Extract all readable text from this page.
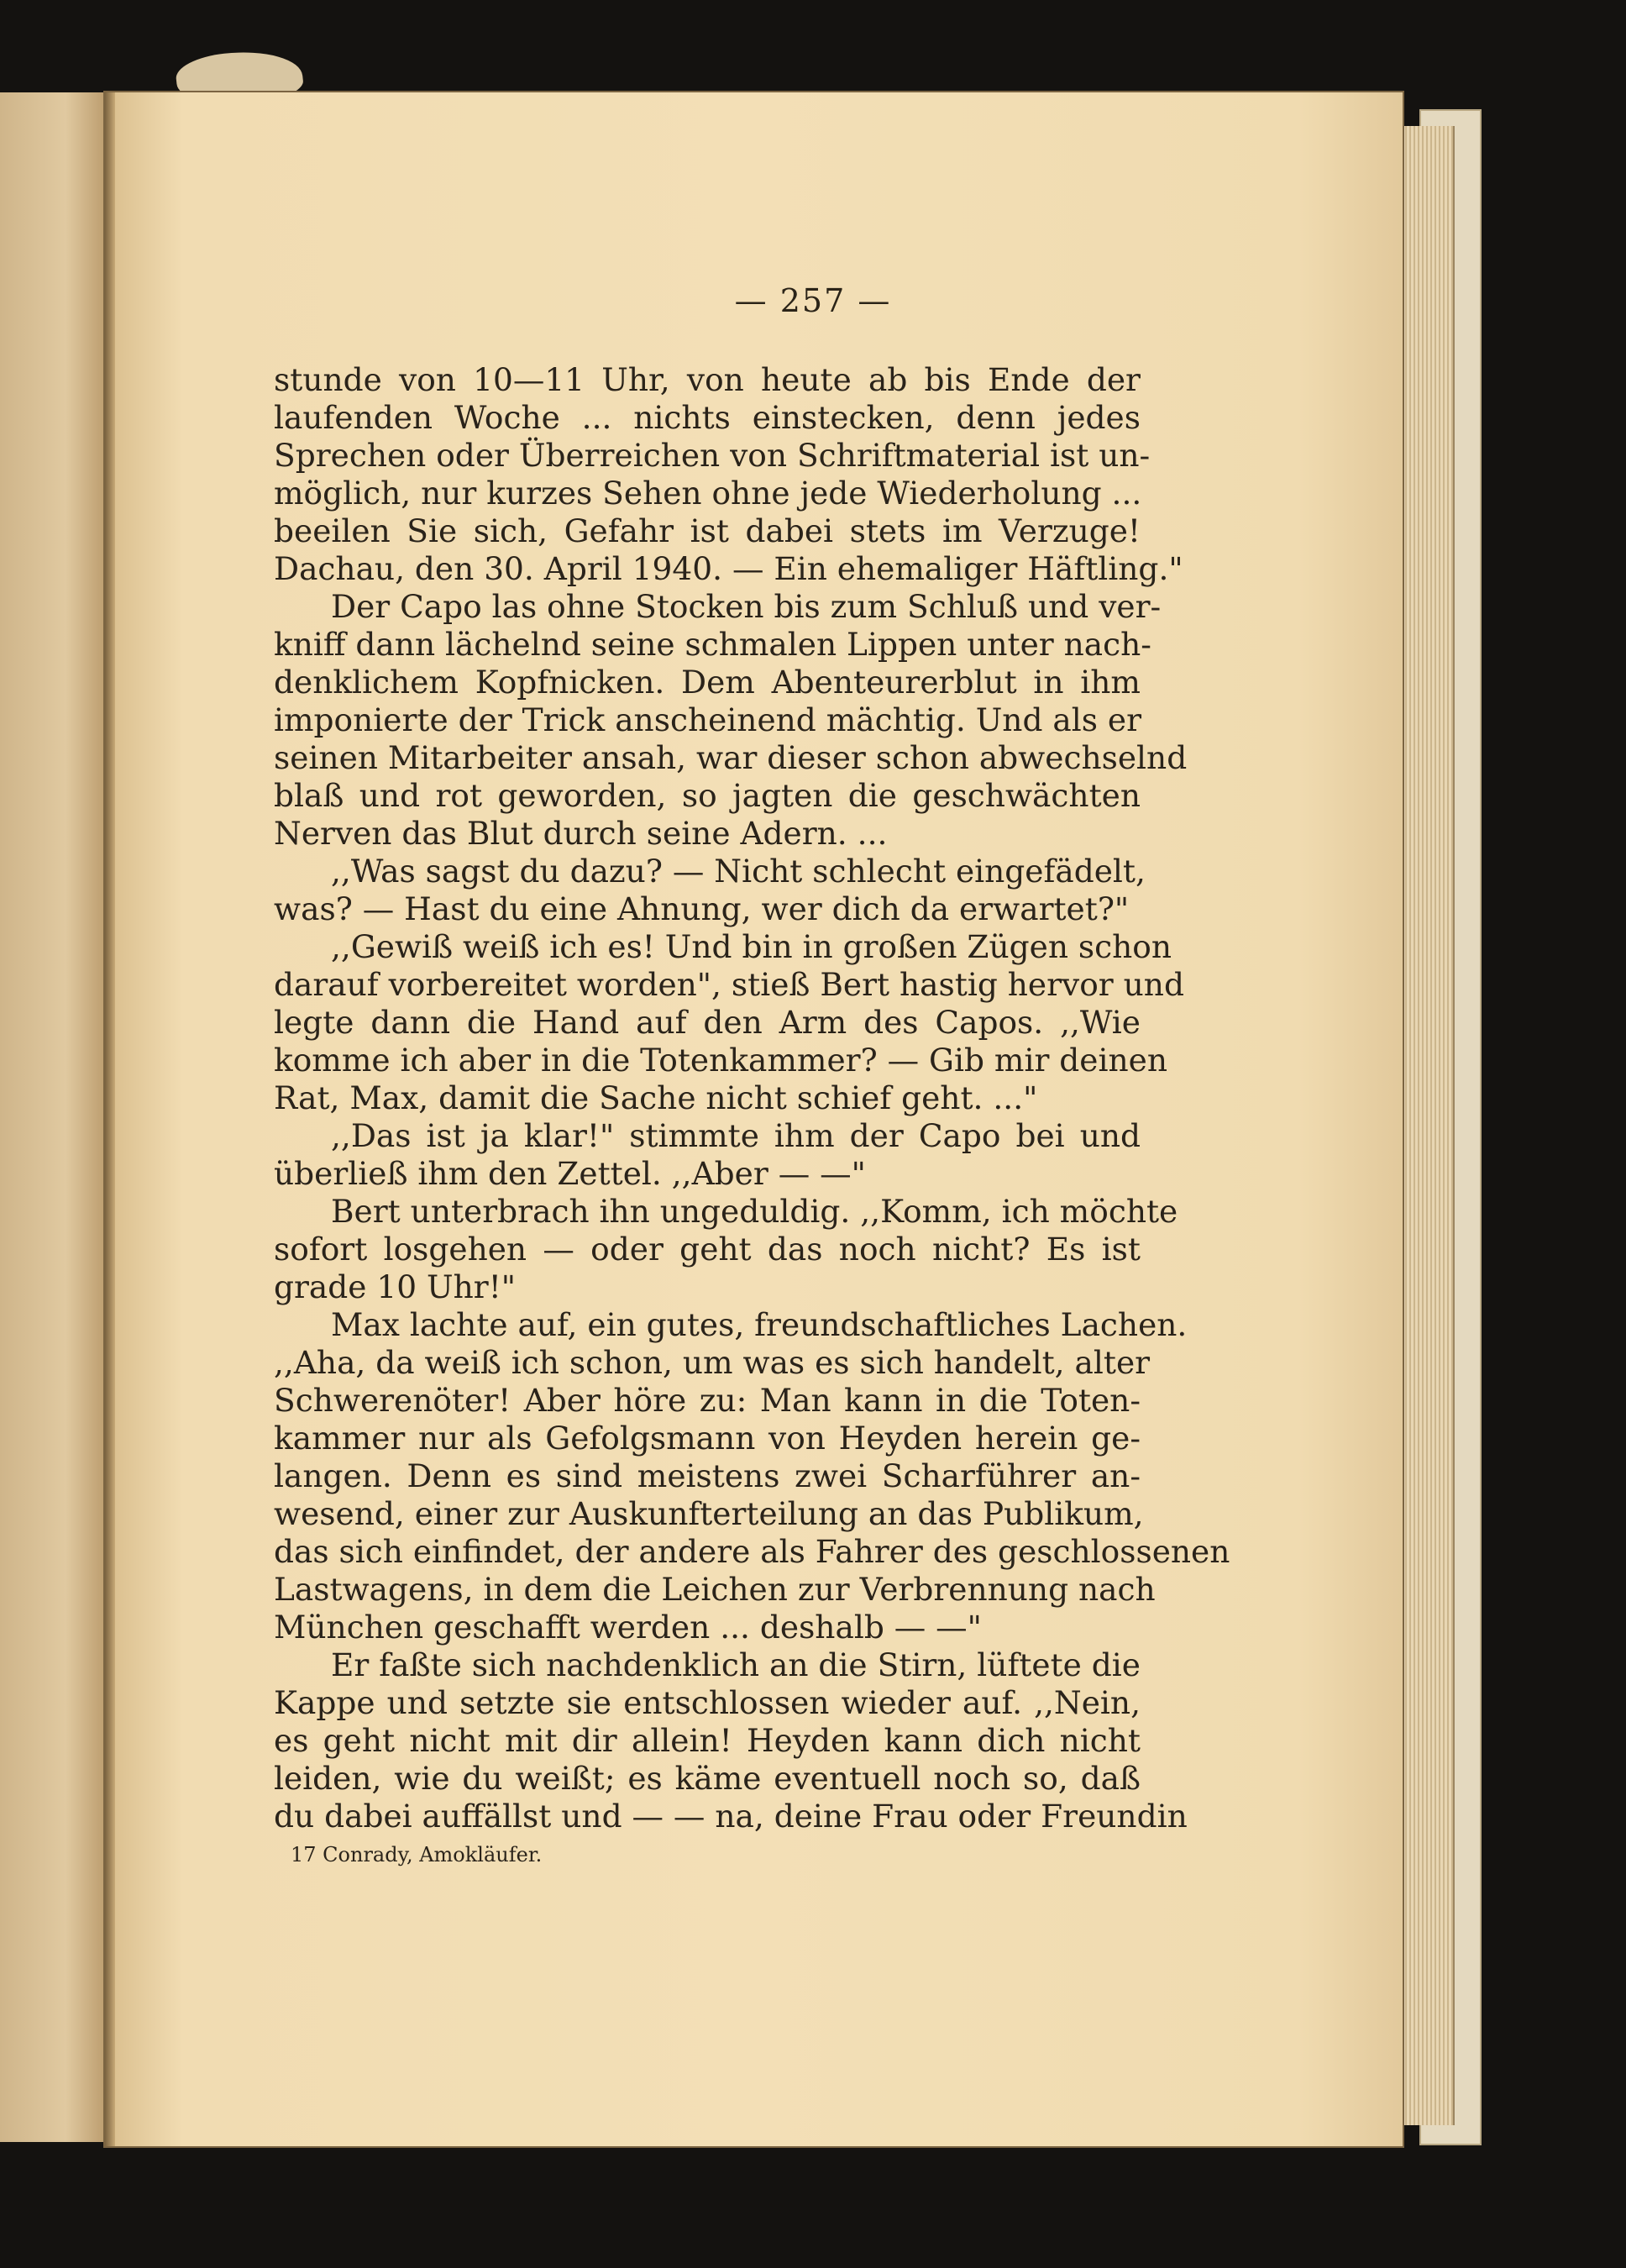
— 257 —
stunde von 10—11 Uhr, von heute ab bis Ende der
laufenden Woche ... nichts einstecken, denn jedes
Sprechen oder Überreichen von Schriftmaterial ist un-
möglich, nur kurzes Sehen ohne jede Wiederholung ...
beeilen Sie sich, Gefahr ist dabei stets im Verzuge!
Dachau, den 30. April 1940. — Ein ehemaliger Häftling."
Der Capo las ohne Stocken bis zum Schluß und ver-
kniff dann lächelnd seine schmalen Lippen unter nach-
denklichem Kopfnicken. Dem Abenteurerblut in ihm
imponierte der Trick anscheinend mächtig. Und als er
seinen Mitarbeiter ansah, war dieser schon abwechselnd
blaß und rot geworden, so jagten die geschwächten
Nerven das Blut durch seine Adern. ...
,,Was sagst du dazu? — Nicht schlecht eingefädelt,
was? — Hast du eine Ahnung, wer dich da erwartet?"
,,Gewiß weiß ich es! Und bin in großen Zügen schon
darauf vorbereitet worden", stieß Bert hastig hervor und
legte dann die Hand auf den Arm des Capos. ,,Wie
komme ich aber in die Totenkammer? — Gib mir deinen
Rat, Max, damit die Sache nicht schief geht. ..."
,,Das ist ja klar!" stimmte ihm der Capo bei und
überließ ihm den Zettel. ,,Aber — —"
Bert unterbrach ihn ungeduldig. ,,Komm, ich möchte
sofort losgehen — oder geht das noch nicht? Es ist
grade 10 Uhr!"
Max lachte auf, ein gutes, freundschaftliches Lachen.
,,Aha, da weiß ich schon, um was es sich handelt, alter
Schwerenöter! Aber höre zu: Man kann in die Toten-
kammer nur als Gefolgsmann von Heyden herein ge-
langen. Denn es sind meistens zwei Scharführer an-
wesend, einer zur Auskunfterteilung an das Publikum,
das sich einfindet, der andere als Fahrer des geschlossenen
Lastwagens, in dem die Leichen zur Verbrennung nach
München geschafft werden ... deshalb — —"
Er faßte sich nachdenklich an die Stirn, lüftete die
Kappe und setzte sie entschlossen wieder auf. ,,Nein,
es geht nicht mit dir allein! Heyden kann dich nicht
leiden, wie du weißt; es käme eventuell noch so, daß
du dabei auffällst und — — na, deine Frau oder Freundin
17 Conrady, Amokläufer.
